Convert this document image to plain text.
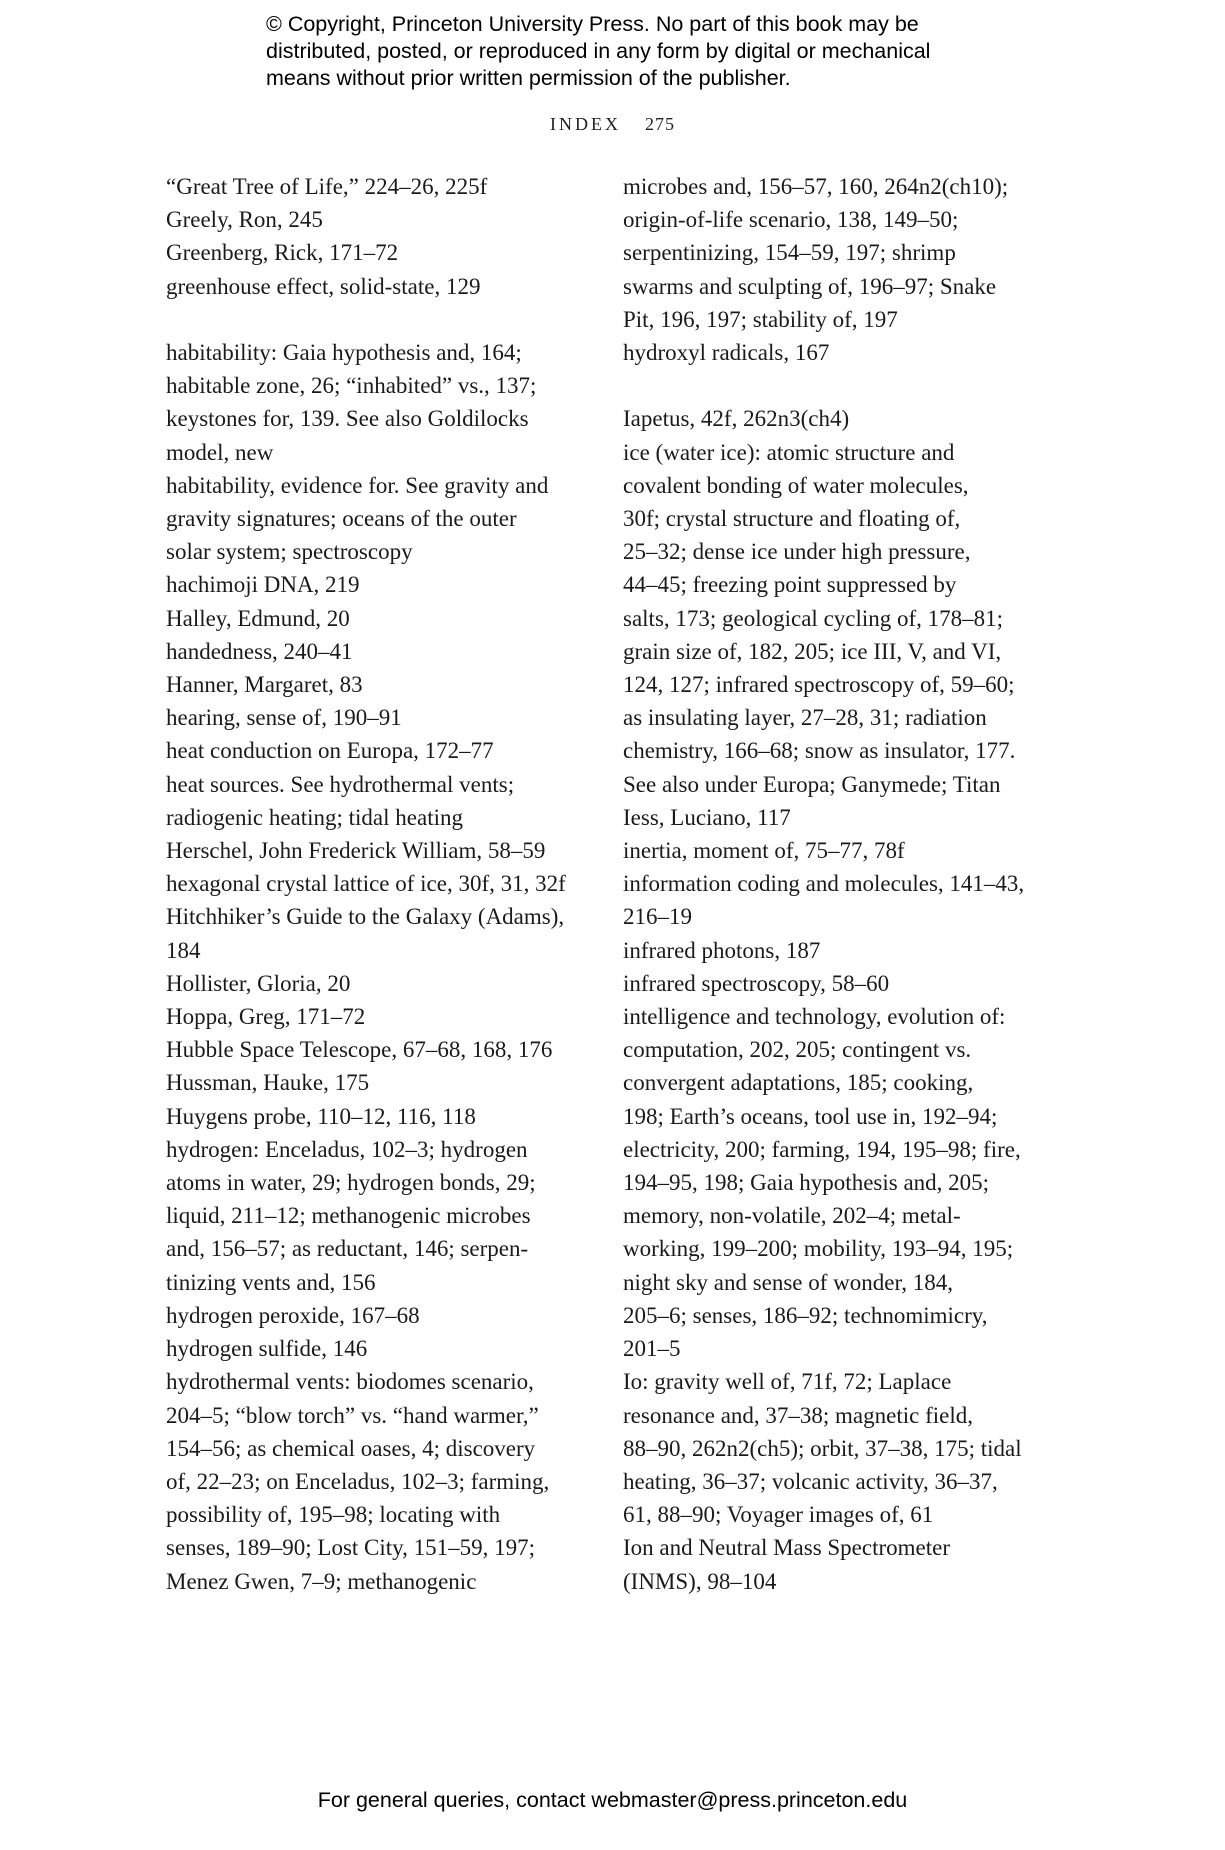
© Copyright, Princeton University Press. No part of this book may be
distributed, posted, or reproduced in any form by digital or mechanical
means without prior written permission of the publisher.
INDEX 275
“Great Tree of Life,” 224–26, 225f
Greely, Ron, 245
Greenberg, Rick, 171–72
greenhouse effect, solid-state, 129
habitability: Gaia hypothesis and, 164;
habitable zone, 26; “inhabited” vs., 137;
keystones for, 139. See also Goldilocks
model, new
habitability, evidence for. See gravity and
gravity signatures; oceans of the outer
solar system; spectroscopy
hachimoji DNA, 219
Halley, Edmund, 20
handedness, 240–41
Hanner, Margaret, 83
hearing, sense of, 190–91
heat conduction on Europa, 172–77
heat sources. See hydrothermal vents;
radiogenic heating; tidal heating
Herschel, John Frederick William, 58–59
hexagonal crystal lattice of ice, 30f, 31, 32f
Hitchhiker’s Guide to the Galaxy (Adams),
184
Hollister, Gloria, 20
Hoppa, Greg, 171–72
Hubble Space Telescope, 67–68, 168, 176
Hussman, Hauke, 175
Huygens probe, 110–12, 116, 118
hydrogen: Enceladus, 102–3; hydrogen
atoms in water, 29; hydrogen bonds, 29;
liquid, 211–12; methanogenic microbes
and, 156–57; as reductant, 146; serpen-
tinizing vents and, 156
hydrogen peroxide, 167–68
hydrogen sulfide, 146
hydrothermal vents: biodomes scenario,
204–5; “blow torch” vs. “hand warmer,”
154–56; as chemical oases, 4; discovery
of, 22–23; on Enceladus, 102–3; farming,
possibility of, 195–98; locating with
senses, 189–90; Lost City, 151–59, 197;
Menez Gwen, 7–9; methanogenic
microbes and, 156–57, 160, 264n2(ch10);
origin-of-life scenario, 138, 149–50;
serpentinizing, 154–59, 197; shrimp
swarms and sculpting of, 196–97; Snake
Pit, 196, 197; stability of, 197
hydroxyl radicals, 167
Iapetus, 42f, 262n3(ch4)
ice (water ice): atomic structure and
covalent bonding of water molecules,
30f; crystal structure and floating of,
25–32; dense ice under high pressure,
44–45; freezing point suppressed by
salts, 173; geological cycling of, 178–81;
grain size of, 182, 205; ice III, V, and VI,
124, 127; infrared spectroscopy of, 59–60;
as insulating layer, 27–28, 31; radiation
chemistry, 166–68; snow as insulator, 177.
See also under Europa; Ganymede; Titan
Iess, Luciano, 117
inertia, moment of, 75–77, 78f
information coding and molecules, 141–43,
216–19
infrared photons, 187
infrared spectroscopy, 58–60
intelligence and technology, evolution of:
computation, 202, 205; contingent vs.
convergent adaptations, 185; cooking,
198; Earth’s oceans, tool use in, 192–94;
electricity, 200; farming, 194, 195–98; fire,
194–95, 198; Gaia hypothesis and, 205;
memory, non-volatile, 202–4; metal-
working, 199–200; mobility, 193–94, 195;
night sky and sense of wonder, 184,
205–6; senses, 186–92; technomimicry,
201–5
Io: gravity well of, 71f, 72; Laplace
resonance and, 37–38; magnetic field,
88–90, 262n2(ch5); orbit, 37–38, 175; tidal
heating, 36–37; volcanic activity, 36–37,
61, 88–90; Voyager images of, 61
Ion and Neutral Mass Spectrometer
(INMS), 98–104
For general queries, contact webmaster@press.princeton.edu
